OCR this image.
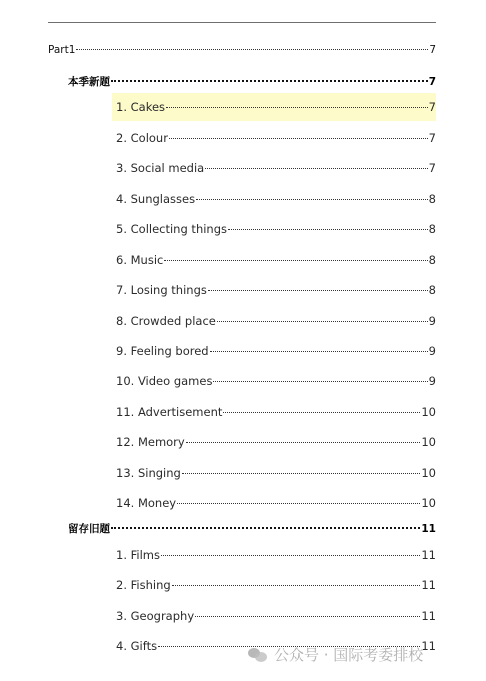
Part1	7
本季新题	7
1. Cakes	7
2. Colour	7
3. Social media	7
4. Sunglasses	8
5. Collecting things	8
6. Music	8
7. Losing things	8
8. Crowded place	9
9. Feeling bored	9
10. Video games	9
11. Advertisement	10
12. Memory	10
13. Singing	10
14. Money	10
留存旧题	11
1. Films	11
2. Fishing	11
3. Geography	11
4. Gifts	11
公众号 · 国际考委排校
